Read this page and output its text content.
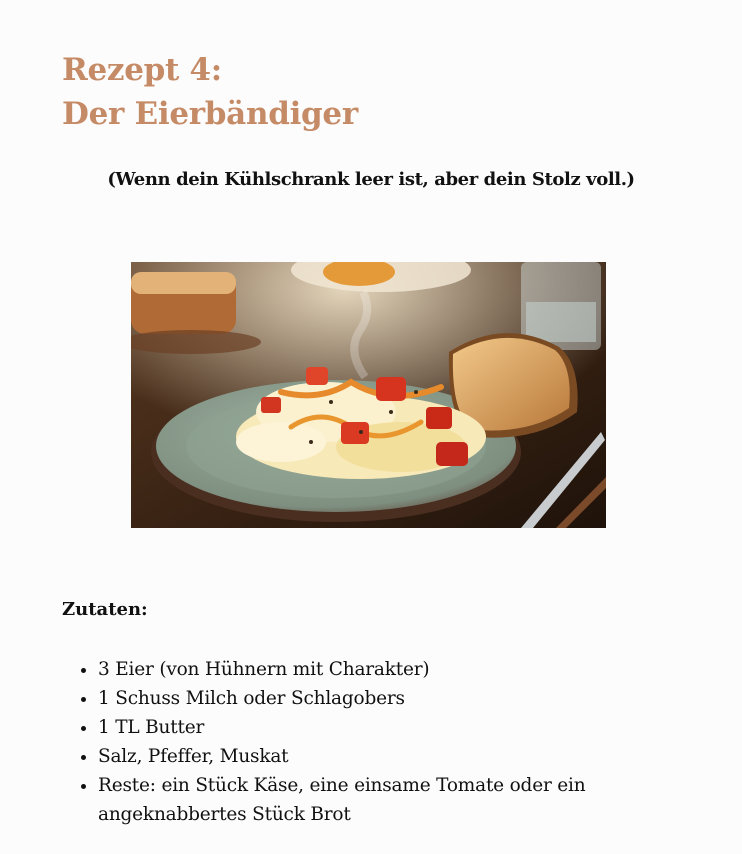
Rezept 4:
Der Eierbändiger

(Wenn dein Kühlschrank leer ist, aber dein Stolz voll.)

Zutaten:
• 3 Eier (von Hühnern mit Charakter)
• 1 Schuss Milch oder Schlagobers
• 1 TL Butter
• Salz, Pfeffer, Muskat
• Reste: ein Stück Käse, eine einsame Tomate oder ein angeknabbertes Stück Brot
